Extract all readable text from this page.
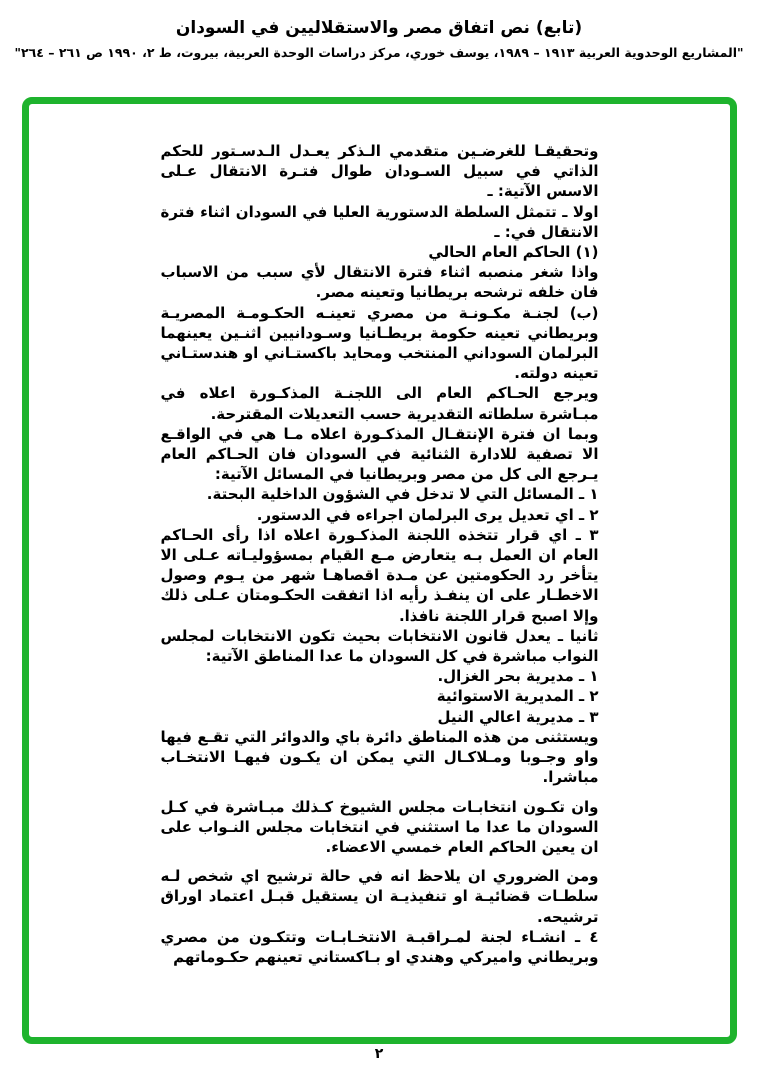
(تابع) نص اتفاق مصر والاستقلاليين في السودان
"المشاريع الوحدوية العربية ١٩١٣ – ١٩٨٩، يوسف خوري، مركز دراسات الوحدة العربية، بيروت، ط ٢، ١٩٩٠ ص ٢٦١ – ٢٦٤"

وتحقيقـا للغرضـين متقدمي الـذكر يعـدل الـدسـتور للحكم الذاتي في سبيل السـودان طوال فتـرة الانتقال عـلى الاسس الآتية: ـ

اولا ـ تتمثل السلطة الدستورية العليا في السودان اثناء فترة الانتقال في: ـ

(١) الحاكم العام الحالي

واذا شغر منصبه اثناء فترة الانتقال لأي سبب من الاسباب فان خلفه ترشحه بريطانيا وتعينه مصر.

(ب) لجنـة مكـونـة من مصري تعينـه الحكـومـة المصريـة وبريطاني تعينه حكومة بريطـانيا وسـودانيين اثنـين يعينهما البرلمان السوداني المنتخب ومحايد باكستـاني او هندستـاني تعينه دولته.

ويرجع الحـاكم العام الى اللجنـة المذكـورة اعلاه في مبـاشرة سلطاته التقديرية حسب التعديلات المقترحة.

وبما ان فترة الإنتقـال المذكـورة اعلاه مـا هي في الواقـع الا تصفية للادارة الثنائية في السودان فان الحـاكم العام يـرجع الى كل من مصر وبريطانيا في المسائل الآتية:

١ ـ المسائل التي لا تدخل في الشؤون الداخلية البحتة.

٢ ـ اي تعديل يرى البرلمان اجراءه في الدستور.

٣ ـ اي قرار تتخذه اللجنة المذكـورة اعلاه اذا رأى الحـاكم العام ان العمل بـه يتعارض مـع القيام بمسؤوليـاته عـلى الا يتأخر رد الحكومتين عن مـدة اقصاهـا شهر من يـوم وصول الاخطـار على ان ينفـذ رأيه اذا اتفقت الحكـومتان عـلى ذلك وإلا اصبح قرار اللجنة نافذا.

ثانيا ـ يعدل قانون الانتخابات بحيث تكون الانتخابات لمجلس النواب مباشرة في كل السودان ما عدا المناطق الآتية:

١ ـ مديرية بحر الغزال.

٢ ـ المديرية الاستوائية

٣ ـ مديرية اعالي النيل

ويستثنى من هذه المناطق دائرة باي والدوائر التي تقـع فيها واو وجـوبا ومـلاكـال التي يمكن ان يكـون فيهـا الانتخـاب مباشرا.

وان تكـون انتخابـات مجلس الشيوخ كـذلك مبـاشرة في كـل السودان ما عدا ما استثني في انتخابات مجلس النـواب على ان يعين الحاكم العام خمسي الاعضاء.

ومن الضروري ان يلاحظ انه في حالة ترشيح اي شخص لـه سلطـات قضائيـة او تنفيذيـة ان يستقيل قبـل اعتماد اوراق ترشيحه.

٤ ـ انشـاء لجنة لمـراقبـة الانتخـابـات وتتكـون من مصري وبريطاني واميركي وهندي او بـاكستاني تعينهم حكـوماتهم

٢
